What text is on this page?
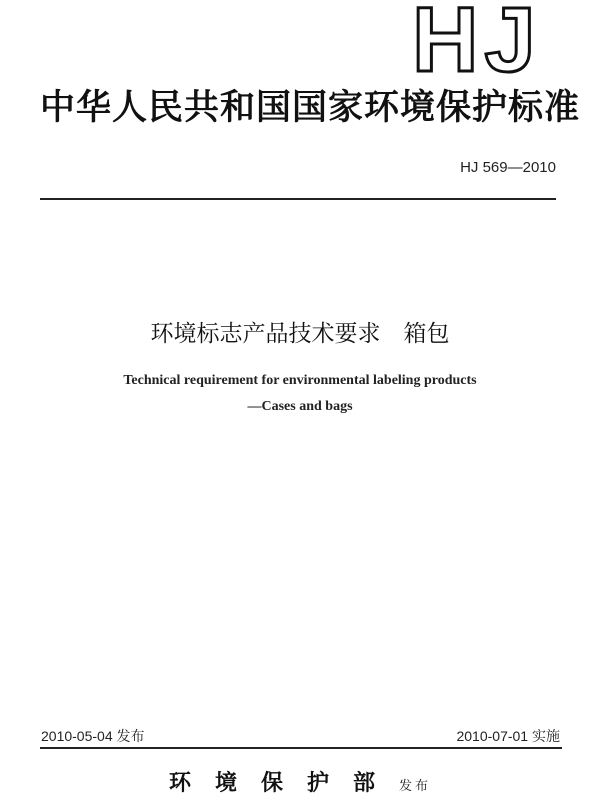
HJ
中华人民共和国国家环境保护标准
HJ 569—2010
环境标志产品技术要求　箱包
Technical requirement for environmental labeling products
—Cases and bags
2010-05-04 发布	2010-07-01 实施
环境保护部发布
